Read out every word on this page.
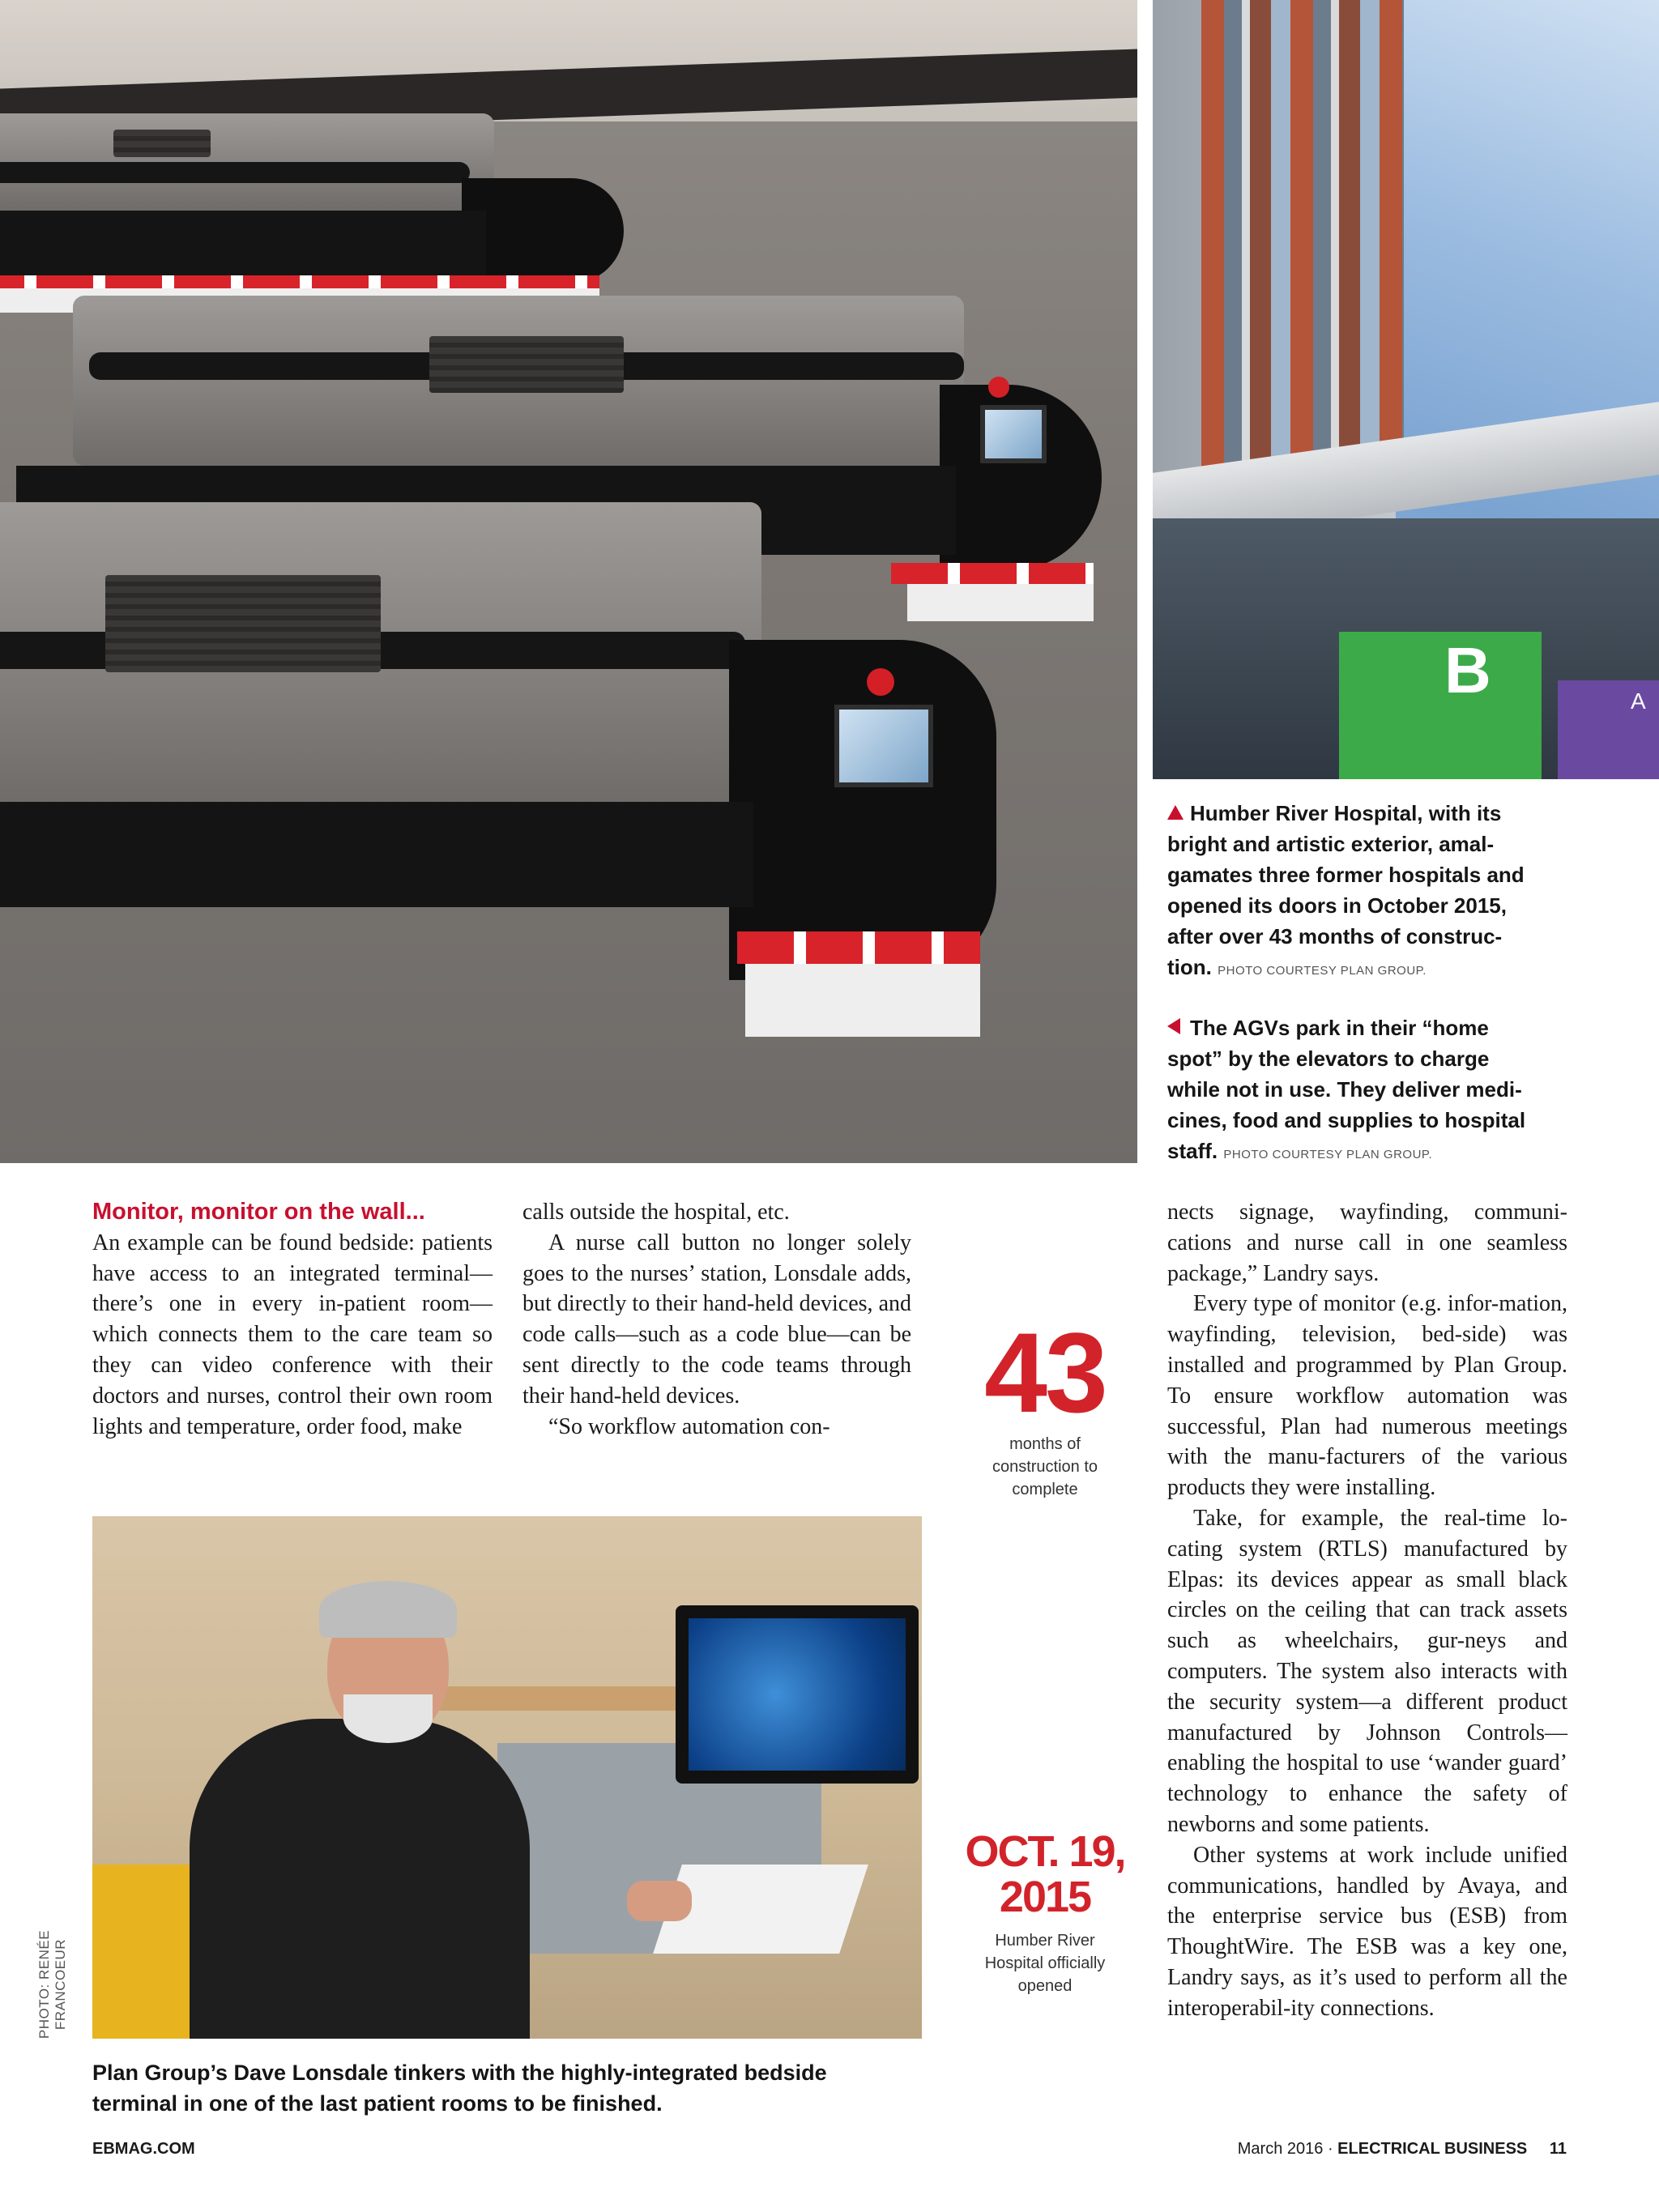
B	A
Humber River Hospital, with its
bright and artistic exterior, amal-
gamates three former hospitals and
opened its doors in October 2015,
after over 43 months of construc-
tion. PHOTO COURTESY PLAN GROUP.
The AGVs park in their “home
spot” by the elevators to charge
while not in use. They deliver medi-
cines, food and supplies to hospital
staff. PHOTO COURTESY PLAN GROUP.
Monitor, monitor on the wall...

An example can be found bedside: patients have access to an integrated terminal—there’s one in every in-patient room—which connects them to the care team so they can video conference with their doctors and nurses, control their own room lights and temperature, order food, make

calls outside the hospital, etc.

A nurse call button no longer solely goes to the nurses’ station, Lonsdale adds, but directly to their hand-held devices, and code calls—such as a code blue—can be sent directly to the code teams through their hand-held devices.

“So workflow automation con-	43
months of
construction to
complete
OCT. 19,
2015
Humber River
Hospital officially
opened

nects signage, wayfinding, communi-cations and nurse call in one seamless package,” Landry says.

Every type of monitor (e.g. infor-mation, wayfinding, television, bed-side) was installed and programmed by Plan Group. To ensure workflow automation was successful, Plan had numerous meetings with the manu-facturers of the various products they were installing.

Take, for example, the real-time lo-cating system (RTLS) manufactured by Elpas: its devices appear as small black circles on the ceiling that can track assets such as wheelchairs, gur-neys and computers. The system also interacts with the security system—a different product manufactured by Johnson Controls—enabling the hospital to use ‘wander guard’ technology to enhance the safety of newborns and some patients.

Other systems at work include unified communications, handled by Avaya, and the enterprise service bus (ESB) from ThoughtWire. The ESB was a key one, Landry says, as it’s used to perform all the interoperabil-ity connections.

PHOTO: RENÉE FRANCOEUR
Plan Group’s Dave Lonsdale tinkers with the highly-integrated bedside
terminal in one of the last patient rooms to be finished.
EBMAG.COM	March 2016 · ELECTRICAL BUSINESS 11
